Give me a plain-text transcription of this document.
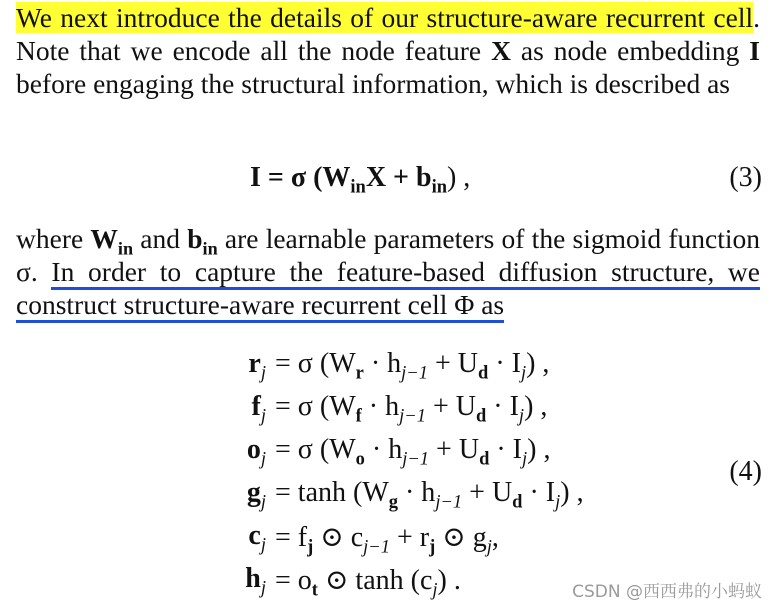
We next introduce the details of our structure-aware recurrent cell. Note that we encode all the node feature X as node embedding I before engaging the structural information, which is described as
I = σ $(W_{in}X + b_{in})$ ,	(3)
where $W_{in}$ and $b_{in}$ are learnable parameters of the sigmoid function σ. In order to capture the feature-based diffusion structure, we construct structure-aware recurrent cell Φ as
$r_j = \sigma$ $(W_r \cdot h_{j-1} + U_d \cdot I_j)$ ,
$f_j = \sigma$ $(W_f \cdot h_{j-1} + U_d \cdot I_j)$ ,
$o_j = \sigma$ $(W_o \cdot h_{j-1} + U_d \cdot I_j)$ ,
$g_j = \tanh (W_g \cdot h_{j-1} + U_d \cdot I_j)$ ,
$c_j = f_j$ ⊙ $c_{j-1} + r_j$ ⊙ $g_j$,
$h_j = o_t$ ⊙ $\tanh (c_j)$ .
(4)
CSDN @西西弗的小蚂蚁
